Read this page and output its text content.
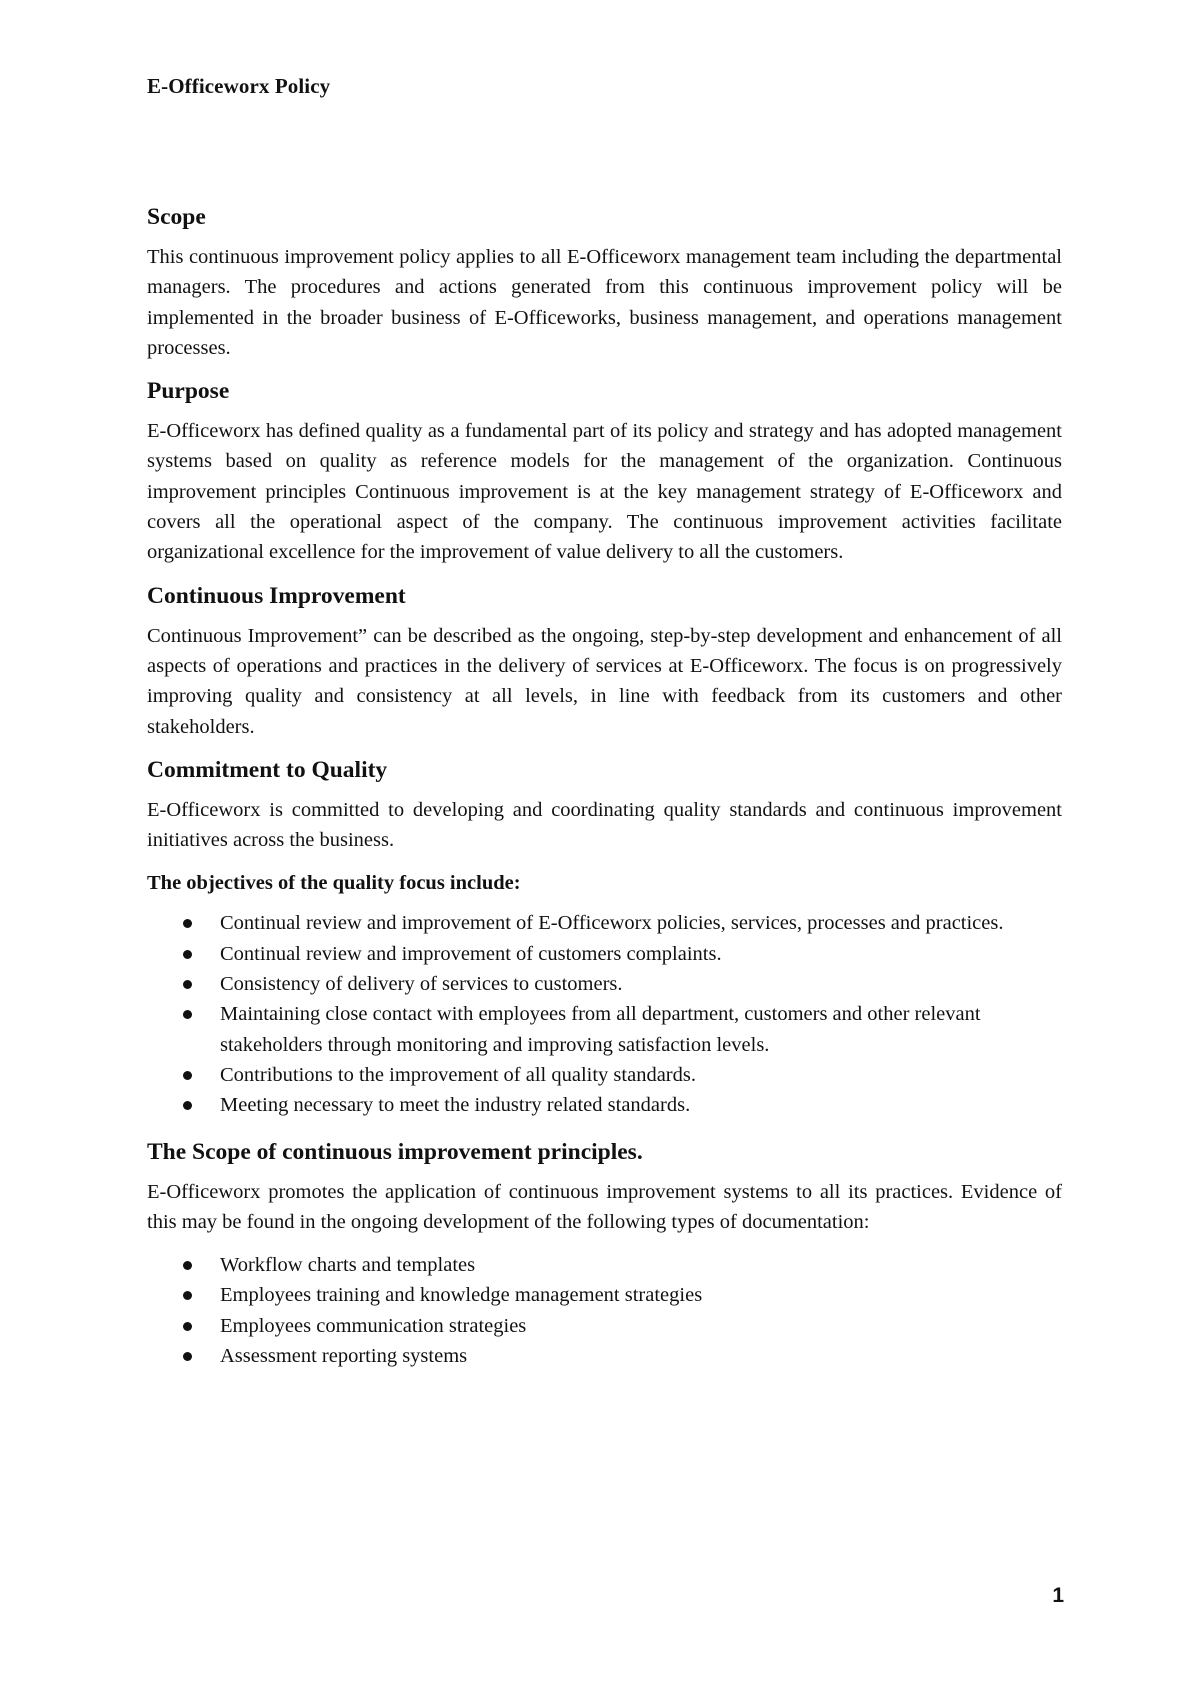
E-Officeworx Policy
Scope

This continuous improvement policy applies to all E-Officeworx management team including the departmental managers. The procedures and actions generated from this continuous improvement policy will be implemented in the broader business of E-Officeworks, business management, and operations management processes.

Purpose

E-Officeworx has defined quality as a fundamental part of its policy and strategy and has adopted management systems based on quality as reference models for the management of the organization. Continuous improvement principles Continuous improvement is at the key management strategy of E-Officeworx and covers all the operational aspect of the company. The continuous improvement activities facilitate organizational excellence for the improvement of value delivery to all the customers.

Continuous Improvement

Continuous Improvement” can be described as the ongoing, step-by-step development and enhancement of all aspects of operations and practices in the delivery of services at E-Officeworx. The focus is on progressively improving quality and consistency at all levels, in line with feedback from its customers and other stakeholders.

Commitment to Quality

E-Officeworx is committed to developing and coordinating quality standards and continuous improvement initiatives across the business.

The objectives of the quality focus include:
Continual review and improvement of E-Officeworx policies, services, processes and practices.
Continual review and improvement of customers complaints.
Consistency of delivery of services to customers.
Maintaining close contact with employees from all department, customers and other relevant stakeholders through monitoring and improving satisfaction levels.
Contributions to the improvement of all quality standards.
Meeting necessary to meet the industry related standards.
The Scope of continuous improvement principles.

E-Officeworx promotes the application of continuous improvement systems to all its practices. Evidence of this may be found in the ongoing development of the following types of documentation:

Workflow charts and templates
Employees training and knowledge management strategies
Employees communication strategies
Assessment reporting systems
1
